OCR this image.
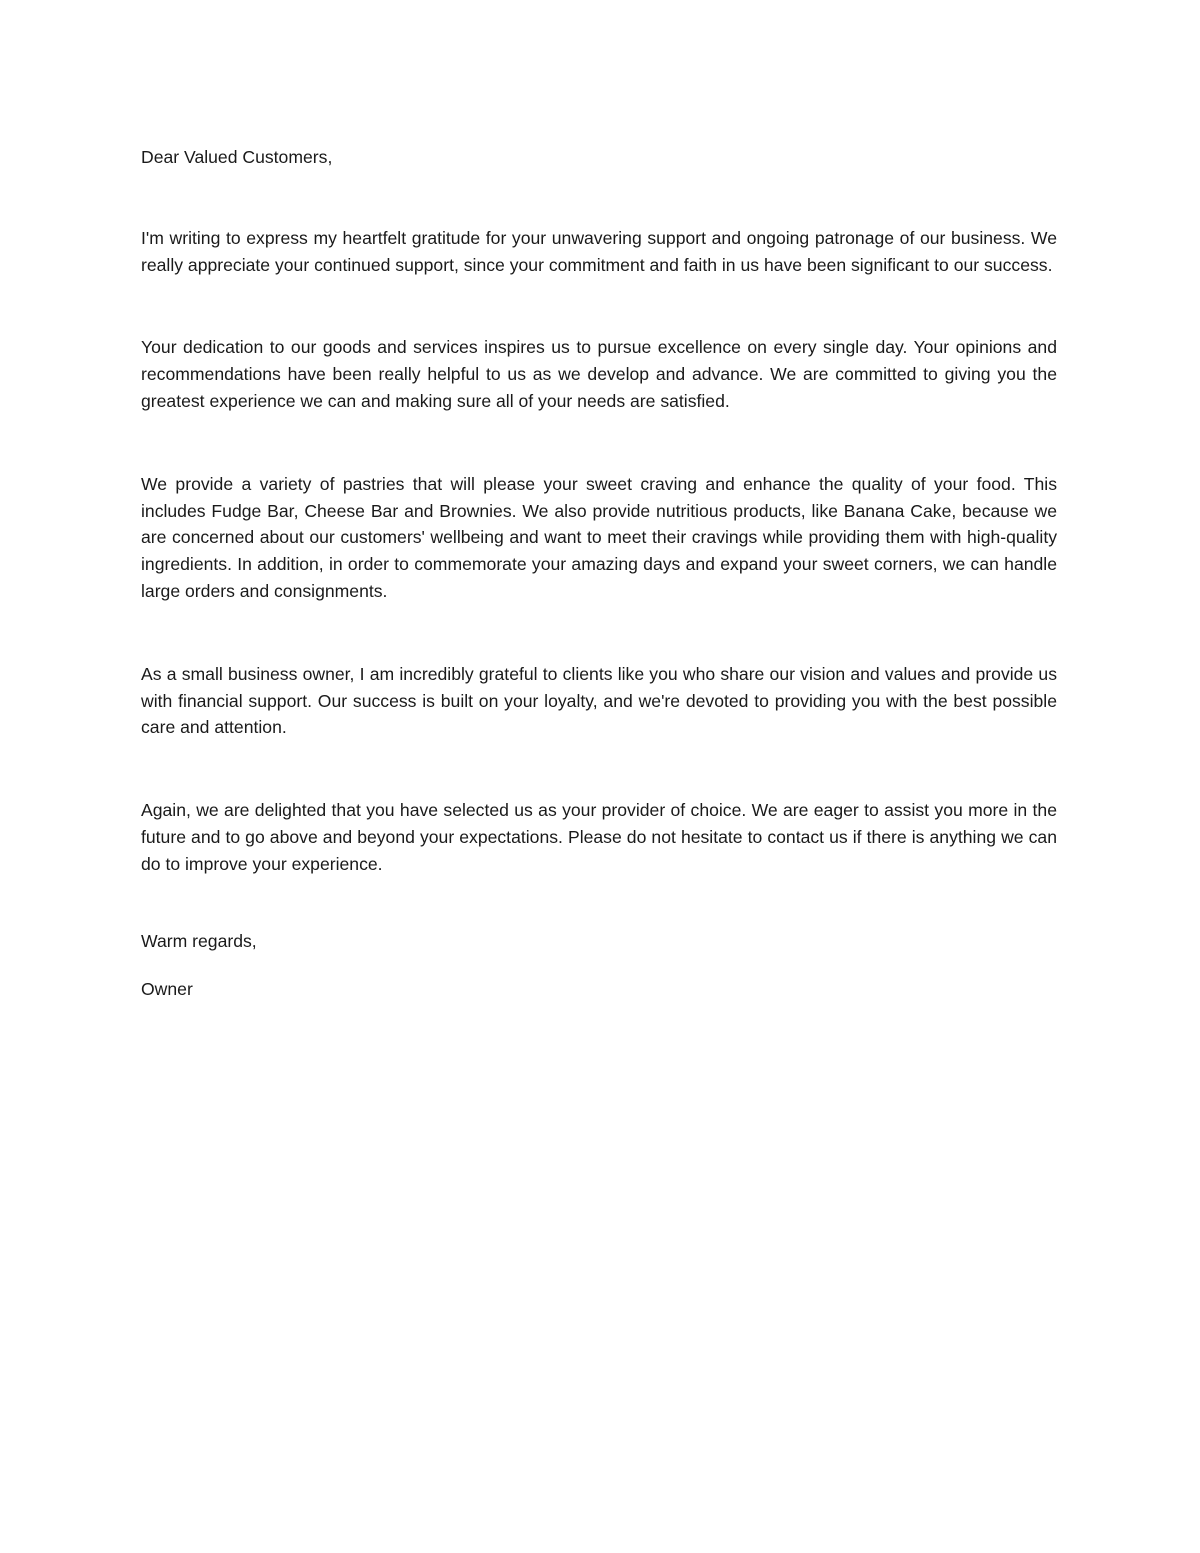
Dear Valued Customers,

I'm writing to express my heartfelt gratitude for your unwavering support and ongoing patronage of our business. We really appreciate your continued support, since your commitment and faith in us have been significant to our success.

Your dedication to our goods and services inspires us to pursue excellence on every single day. Your opinions and recommendations have been really helpful to us as we develop and advance. We are committed to giving you the greatest experience we can and making sure all of your needs are satisfied.

We provide a variety of pastries that will please your sweet craving and enhance the quality of your food. This includes Fudge Bar, Cheese Bar and Brownies. We also provide nutritious products, like Banana Cake, because we are concerned about our customers' wellbeing and want to meet their cravings while providing them with high-quality ingredients. In addition, in order to commemorate your amazing days and expand your sweet corners, we can handle large orders and consignments.

As a small business owner, I am incredibly grateful to clients like you who share our vision and values and provide us with financial support. Our success is built on your loyalty, and we're devoted to providing you with the best possible care and attention.

Again, we are delighted that you have selected us as your provider of choice. We are eager to assist you more in the future and to go above and beyond your expectations. Please do not hesitate to contact us if there is anything we can do to improve your experience.

Warm regards,

Owner
